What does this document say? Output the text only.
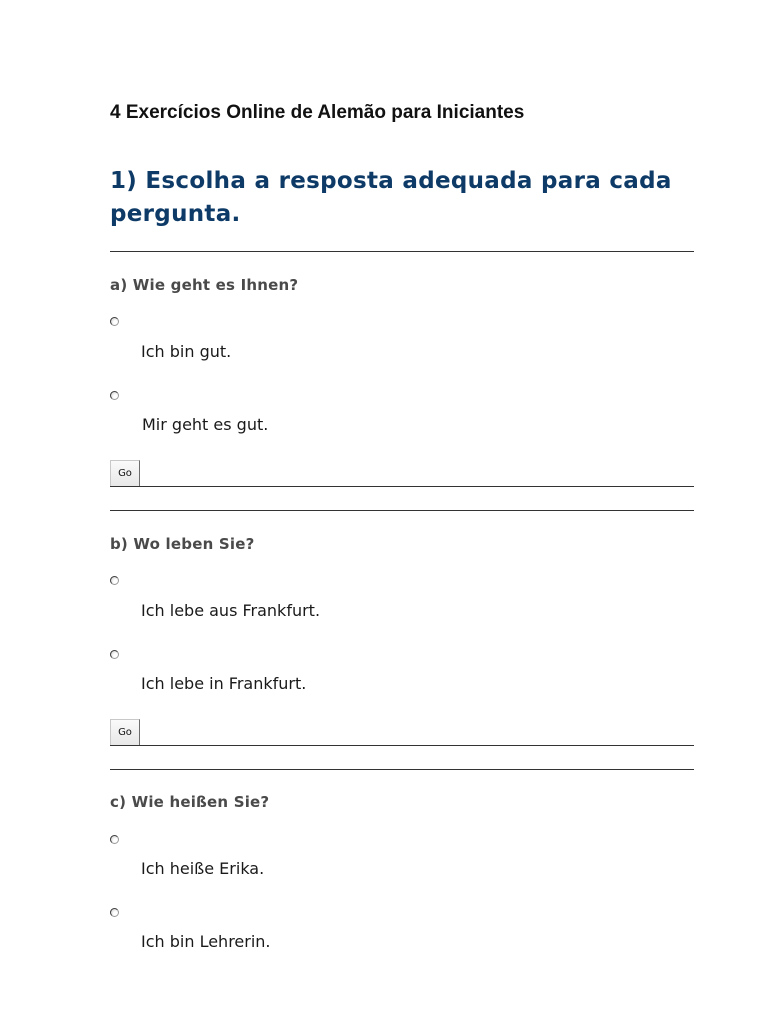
4 Exercícios Online de Alemão para Iniciantes
1) Escolha a resposta adequada para cada pergunta.

a) Wie geht es Ihnen?

Ich bin gut.

Mir geht es gut.

Go

b) Wo leben Sie?

Ich lebe aus Frankfurt.

Ich lebe in Frankfurt.

Go

c) Wie heißen Sie?

Ich heiße Erika.

Ich bin Lehrerin.
